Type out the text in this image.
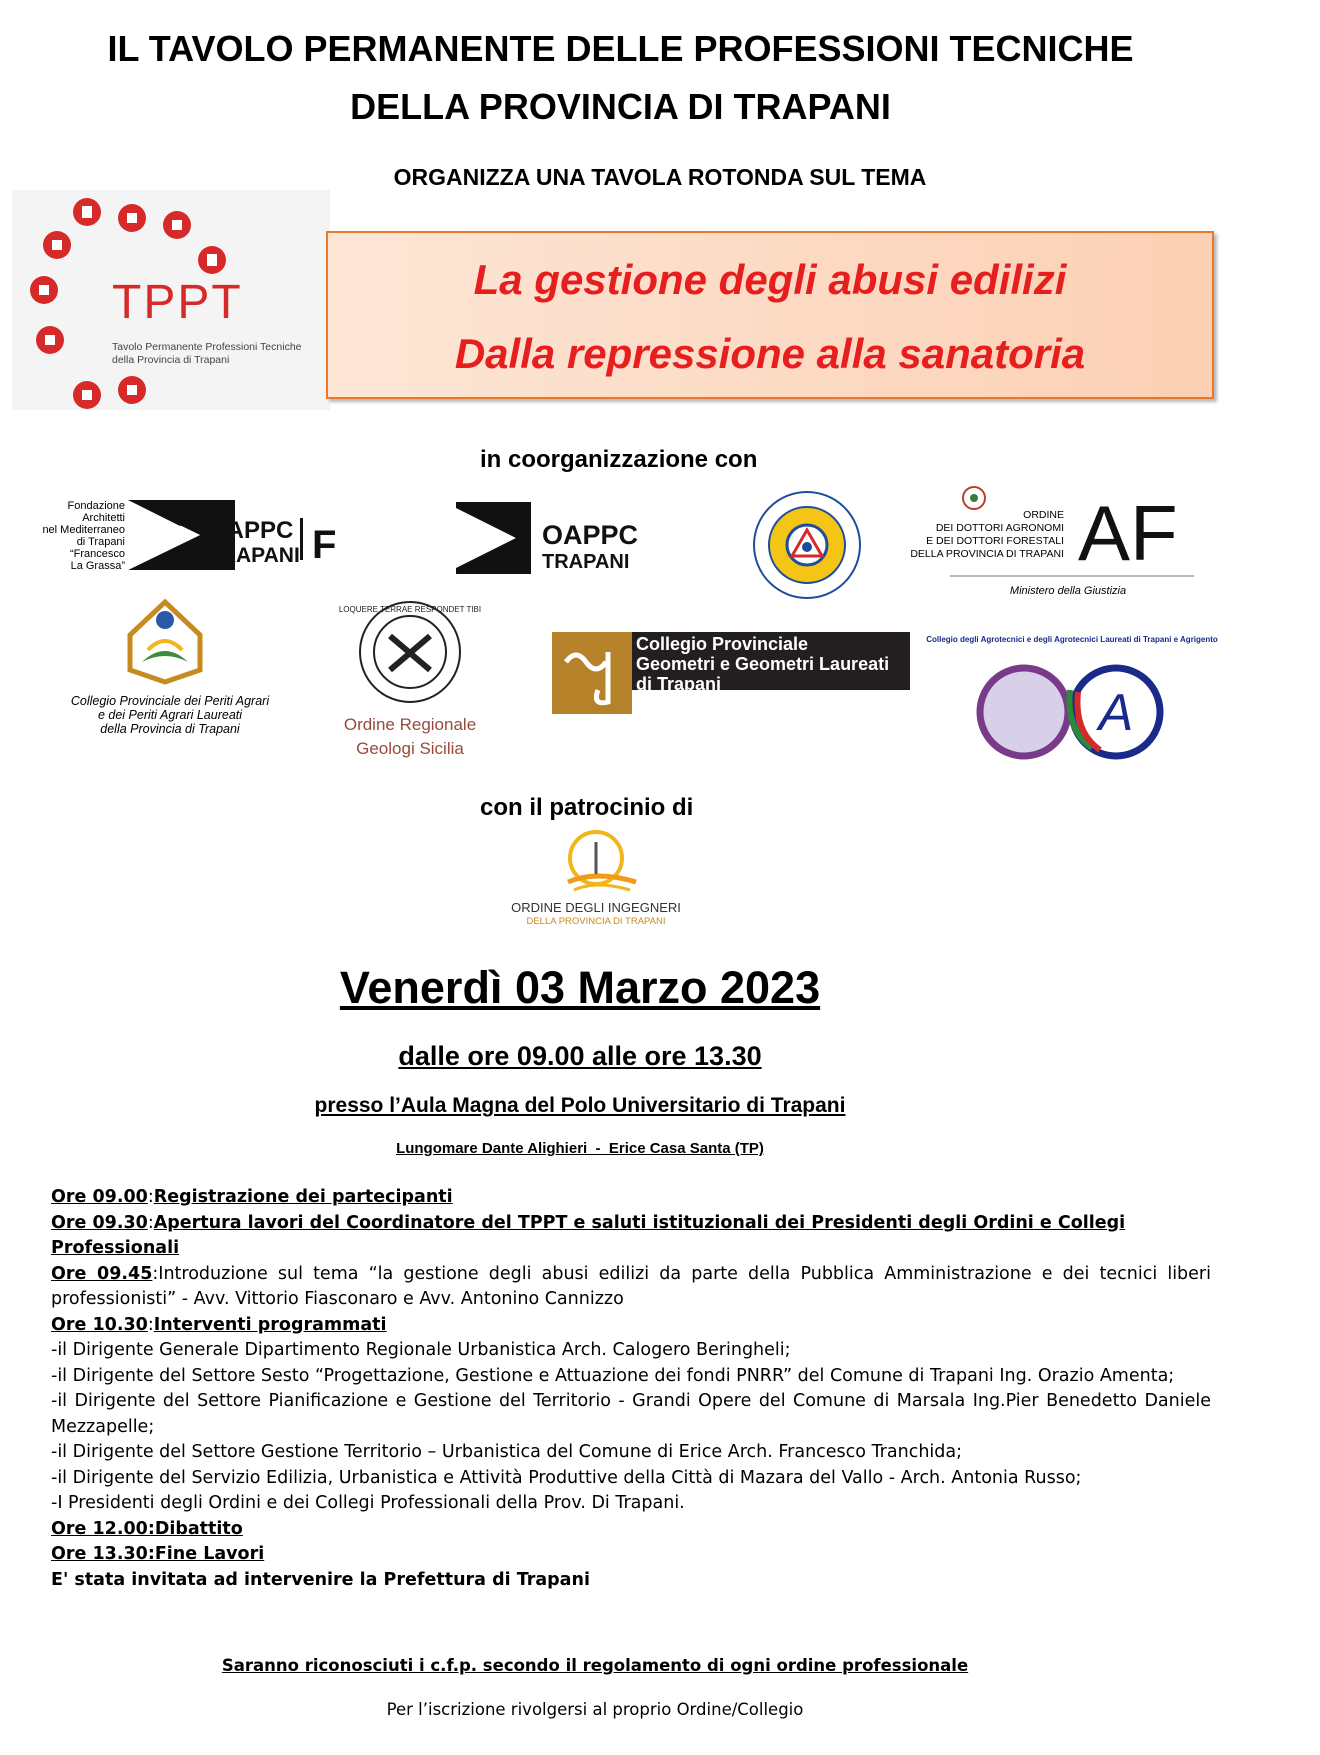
IL TAVOLO PERMANENTE DELLE PROFESSIONI TECNICHE
DELLA PROVINCIA DI TRAPANI
ORGANIZZA UNA TAVOLA ROTONDA SUL TEMA
TPPT
Tavolo Permanente Professioni Tecniche
della Provincia di Trapani
La gestione degli abusi edilizi
Dalla repressione alla sanatoria
in coorganizzazione con
Fondazione
Architetti
nel Mediterraneo
di Trapani
“Francesco
La Grassa”
OAPPC
TRAPANI F	OAPPC
TRAPANI
ORDINE
DEI DOTTORI AGRONOMI
E DEI DOTTORI FORESTALI
DELLA PROVINCIA DI TRAPANI AF
Ministero della Giustizia
Collegio Provinciale dei Periti Agrari
e dei Periti Agrari Laureati
della Provincia di Trapani
LOQUERE TERRAE RESPONDET TIBI
Ordine Regionale
Geologi Sicilia
Collegio Provinciale
Geometri e Geometri Laureati
di Trapani
Collegio degli Agrotecnici e degli Agrotecnici Laureati di Trapani e Agrigento
A
con il patrocinio di
ORDINE DEGLI INGEGNERI
DELLA PROVINCIA DI TRAPANI
Venerdì 03 Marzo 2023
dalle ore 09.00 alle ore 13.30
presso l’Aula Magna del Polo Universitario di Trapani
Lungomare Dante Alighieri  -  Erice Casa Santa (TP)
Ore 09.00:Registrazione dei partecipanti
Ore 09.30:Apertura lavori del Coordinatore del TPPT e saluti istituzionali dei Presidenti degli Ordini e Collegi Professionali
Ore 09.45:Introduzione sul tema “la gestione degli abusi edilizi da parte della Pubblica Amministrazione e dei tecnici liberi professionisti” - Avv. Vittorio Fiasconaro e Avv. Antonino Cannizzo
Ore 10.30:Interventi programmati
-il Dirigente Generale Dipartimento Regionale Urbanistica Arch. Calogero Beringheli;
-il Dirigente del Settore Sesto “Progettazione, Gestione e Attuazione dei fondi PNRR” del Comune di Trapani Ing. Orazio Amenta;
-il Dirigente del Settore Pianificazione e Gestione del Territorio - Grandi Opere del Comune di Marsala Ing.Pier Benedetto Daniele Mezzapelle;
-il Dirigente del Settore Gestione Territorio – Urbanistica del Comune di Erice Arch. Francesco Tranchida;
-il Dirigente del Servizio Edilizia, Urbanistica e Attività Produttive della Città di Mazara del Vallo - Arch. Antonia Russo;
-I Presidenti degli Ordini e dei Collegi Professionali della Prov. Di Trapani.
Ore 12.00:Dibattito
Ore 13.30:Fine Lavori
E' stata invitata ad intervenire la Prefettura di Trapani
Saranno riconosciuti i c.f.p. secondo il regolamento di ogni ordine professionale
Per l’iscrizione rivolgersi al proprio Ordine/Collegio
